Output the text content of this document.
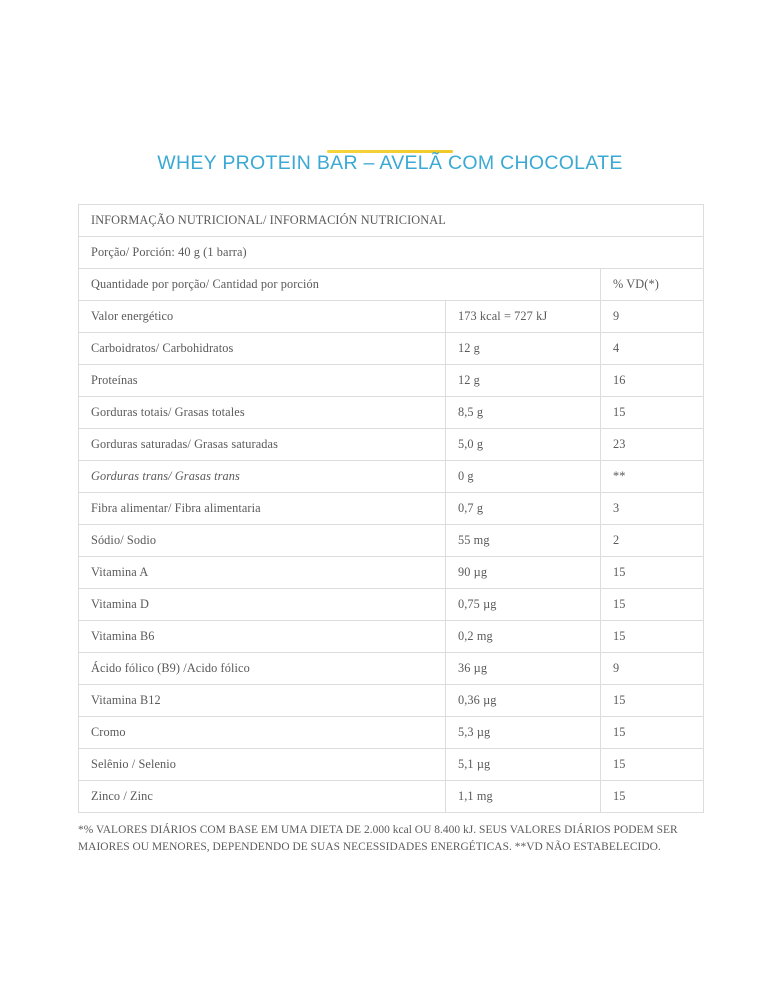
WHEY PROTEIN BAR – AVELÃ COM CHOCOLATE
INFORMAÇÃO NUTRICIONAL/ INFORMACIÓN NUTRICIONAL		
Porção/ Porción: 40 g (1 barra)		
Quantidade por porção/ Cantidad por porción		% VD(*)
Valor energético	173 kcal = 727 kJ	9
Carboidratos/ Carbohidratos	12 g	4
Proteínas	12 g	16
Gorduras totais/ Grasas totales	8,5 g	15
Gorduras saturadas/ Grasas saturadas	5,0 g	23
Gorduras trans/ Grasas trans	0 g	**
Fibra alimentar/ Fibra alimentaria	0,7 g	3
Sódio/ Sodio	55 mg	2
Vitamina A	90 µg	15
Vitamina D	0,75 µg	15
Vitamina B6	0,2 mg	15
Ácido fólico (B9) /Acido fólico	36 µg	9
Vitamina B12	0,36 µg	15
Cromo	5,3 µg	15
Selênio / Selenio	5,1 µg	15
Zinco / Zinc	1,1 mg	15
*% VALORES DIÁRIOS COM BASE EM UMA DIETA DE 2.000 kcal OU 8.400 kJ. SEUS VALORES DIÁRIOS PODEM SER MAIORES OU MENORES, DEPENDENDO DE SUAS NECESSIDADES ENERGÉTICAS. **VD NÃO ESTABELECIDO.
